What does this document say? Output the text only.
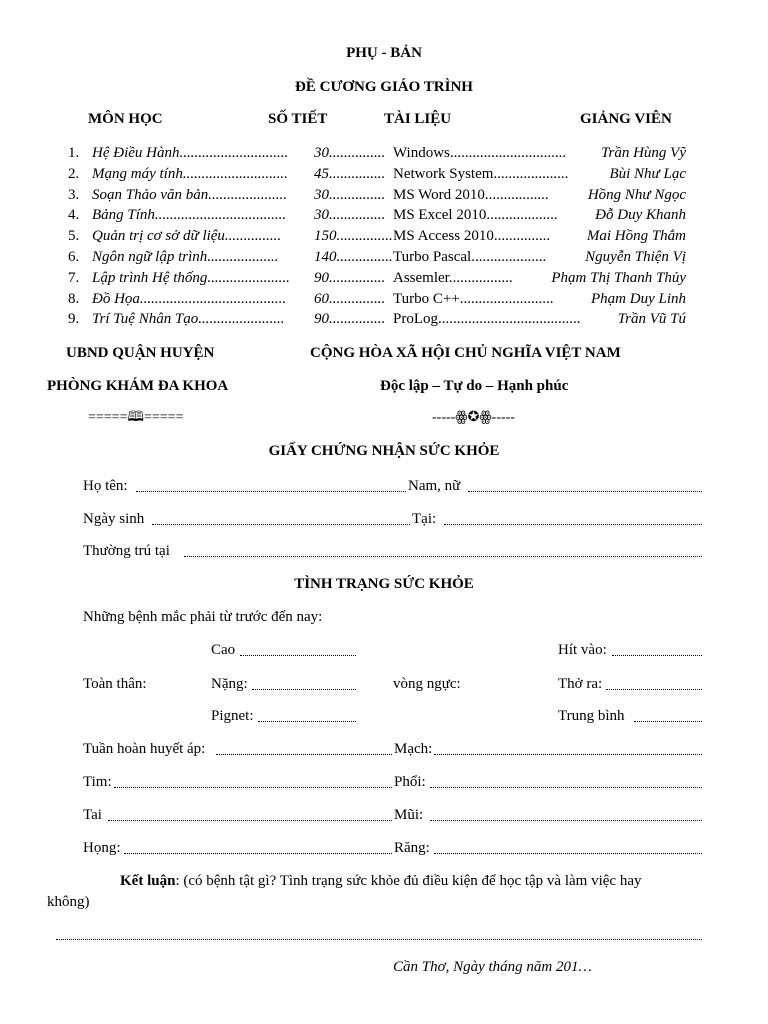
PHỤ - BẢN
ĐỀ CƯƠNG GIÁO TRÌNH
MÔN HỌC	SỐ TIẾT	TÀI LIỆU	GIẢNG VIÊN
1. Hệ Điều Hành............................. 30............... Windows............................... Trần Hùng Vỹ
2. Mạng máy tính............................ 45............... Network System....................	Bùi Như Lạc
3. Soạn Thảo văn bản..................... 30............... MS Word 2010.................	Hồng Như Ngọc
4. Bảng Tính................................... 30............... MS Excel 2010...................	Đỗ Duy Khanh
5. Quản trị cơ sở dữ liệu............... 150............... MS Access 2010............... Mai Hồng Thắm
6. Ngôn ngữ lập trình................... 140............... Turbo Pascal....................	Nguyễn Thiện Vị
7. Lập trình Hệ thống...................... 90............... Assemler.................	Phạm Thị Thanh Thủy
8. Đồ Họa....................................... 60............... Turbo C++......................... Phạm Duy Linh
9. Trí Tuệ Nhân Tạo....................... 90............... ProLog...................................... Trần Vũ Tú
UBND QUẬN HUYỆN	CỘNG HÒA XÃ HỘI CHỦ NGHĨA VIỆT NAM
PHÒNG KHÁM ĐA KHOA	Độc lập – Tự do – Hạnh phúc
=====🕮=====	-----ꙮ✪ꙮ-----
GIẤY CHỨNG NHẬN SỨC KHỎE
Họ tên:	Nam, nữ
Ngày sinh	Tại:
Thường trú tại
TÌNH TRẠNG SỨC KHỎE
Những bệnh mắc phải từ trước đến nay:
Cao	Hít vào:
Toàn thân:	Nặng:	vòng ngực:	Thở ra:
Pignet:	Trung bình
Tuần hoàn huyết áp:	Mạch:
Tim:	Phổi:
Tai	Mũi:
Họng:	Răng:
Kết luận: (có bệnh tật gì? Tình trạng sức khỏe đủ điều kiện để học tập và làm việc hay
không)
Cần Thơ, Ngày tháng năm 201…
